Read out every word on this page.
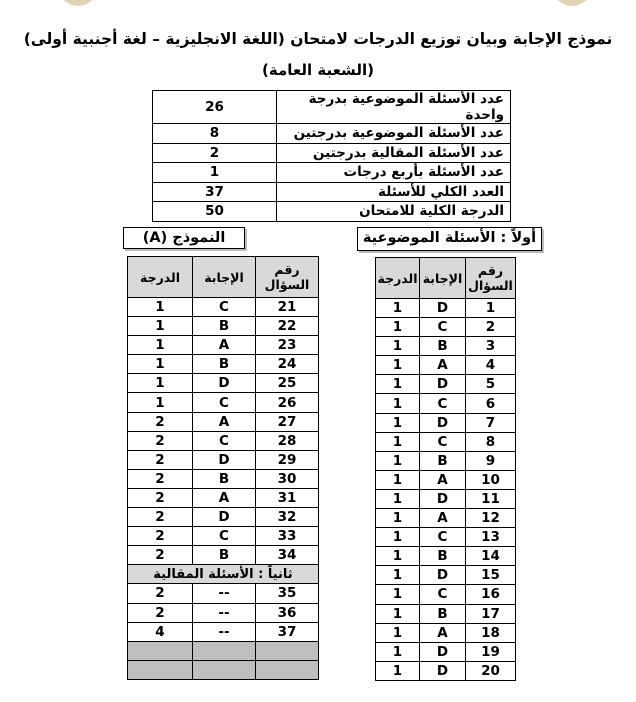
نموذج الإجابة وبيان توزيع الدرجات لامتحان (اللغة الانجليزية – لغة أجنبية أولى)
(الشعبة العامة)
عدد الأسئلة الموضوعية بدرجة واحدة	26
عدد الأسئلة الموضوعية بدرجتين	8
عدد الأسئلة المقالية بدرجتين	2
عدد الأسئلة بأربع درجات	1
العدد الكلي للأسئلة	37
الدرجة الكلية للامتحان	50
النموذج (A)	أولاً : الأسئلة الموضوعية
رقم السؤال	الإجابة	الدرجة
21	C	1
22	B	1
23	A	1
24	B	1
25	D	1
26	C	1
27	A	2
28	C	2
29	D	2
30	B	2
31	A	2
32	D	2
33	C	2
34	B	2
ثانياً : الأسئلة المقالية		
35	--	2
36	--	2
37	--	4

رقم السؤال	الإجابة	الدرجة
1	D	1
2	C	1
3	B	1
4	A	1
5	D	1
6	C	1
7	D	1
8	C	1
9	B	1
10	A	1
11	D	1
12	A	1
13	C	1
14	B	1
15	D	1
16	C	1
17	B	1
18	A	1
19	D	1
20	D	1
